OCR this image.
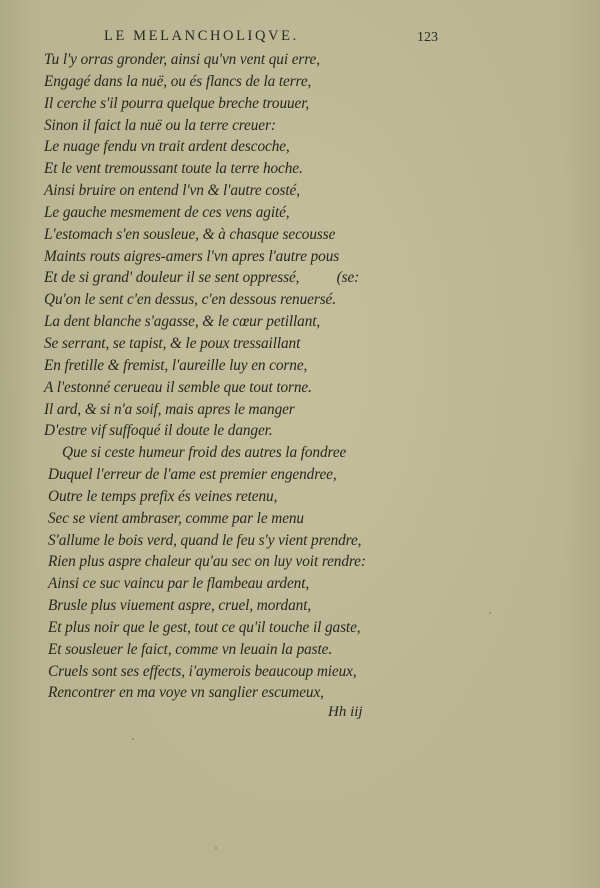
LE MELANCHOLIQVE.	123
Tu l'y orras gronder, ainsi qu'vn vent qui erre,
Engagé dans la nuë, ou és flancs de la terre,
Il cerche s'il pourra quelque breche trouuer,
Sinon il faict la nuë ou la terre creuer:
Le nuage fendu vn trait ardent descoche,
Et le vent tremoussant toute la terre hoche.
Ainsi bruire on entend l'vn & l'autre costé,
Le gauche mesmement de ces vens agité,
L'estomach s'en sousleue, & à chasque secousse
Maints routs aigres-amers l'vn apres l'autre pous
Et de si grand' douleur il se sent oppressé,          (se:
Qu'on le sent c'en dessus, c'en dessous renuersé.
La dent blanche s'agasse, & le cœur petillant,
Se serrant, se tapist, & le poux tressaillant
En fretille & fremist, l'aureille luy en corne,
A l'estonné cerueau il semble que tout torne.
Il ard, & si n'a soif, mais apres le manger
D'estre vif suffoqué il doute le danger.
Que si ceste humeur froid des autres la fondree
Duquel l'erreur de l'ame est premier engendree,
Outre le temps prefix és veines retenu,
Sec se vient ambraser, comme par le menu
S'allume le bois verd, quand le feu s'y vient prendre,
Rien plus aspre chaleur qu'au sec on luy voit rendre:
Ainsi ce suc vaincu par le flambeau ardent,
Brusle plus viuement aspre, cruel, mordant,
Et plus noir que le gest, tout ce qu'il touche il gaste,
Et sousleuer le faict, comme vn leuain la paste.
Cruels sont ses effects, i'aymerois beaucoup mieux,
Rencontrer en ma voye vn sanglier escumeux,
Hh iij
